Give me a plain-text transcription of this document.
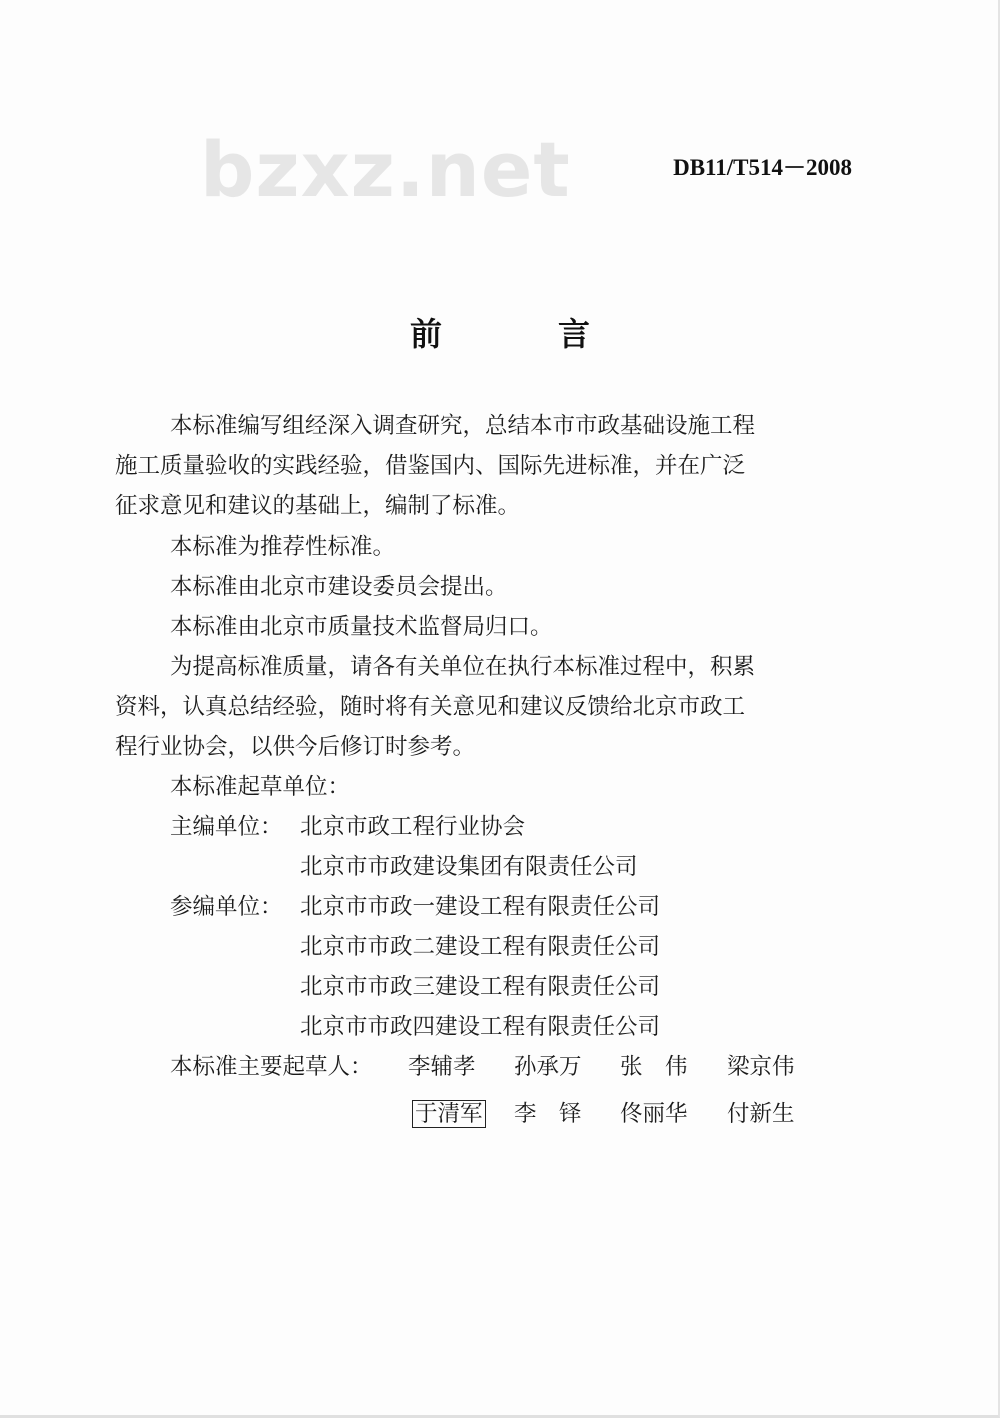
bzxz.net	DB11/T514－2008
前　言
本标准编写组经深入调查研究，总结本市市政基础设施工程
施工质量验收的实践经验，借鉴国内、国际先进标准，并在广泛
征求意见和建议的基础上，编制了标准。
本标准为推荐性标准。
本标准由北京市建设委员会提出。
本标准由北京市质量技术监督局归口。
为提高标准质量，请各有关单位在执行本标准过程中，积累
资料，认真总结经验，随时将有关意见和建议反馈给北京市政工
程行业协会，以供今后修订时参考。
本标准起草单位：
主编单位： 北京市政工程行业协会
北京市市政建设集团有限责任公司
参编单位： 北京市市政一建设工程有限责任公司
北京市市政二建设工程有限责任公司
北京市市政三建设工程有限责任公司
北京市市政四建设工程有限责任公司
本标准主要起草人： 李辅孝 孙承万 张　伟 梁京伟
于清军 李　铎 佟丽华 付新生
